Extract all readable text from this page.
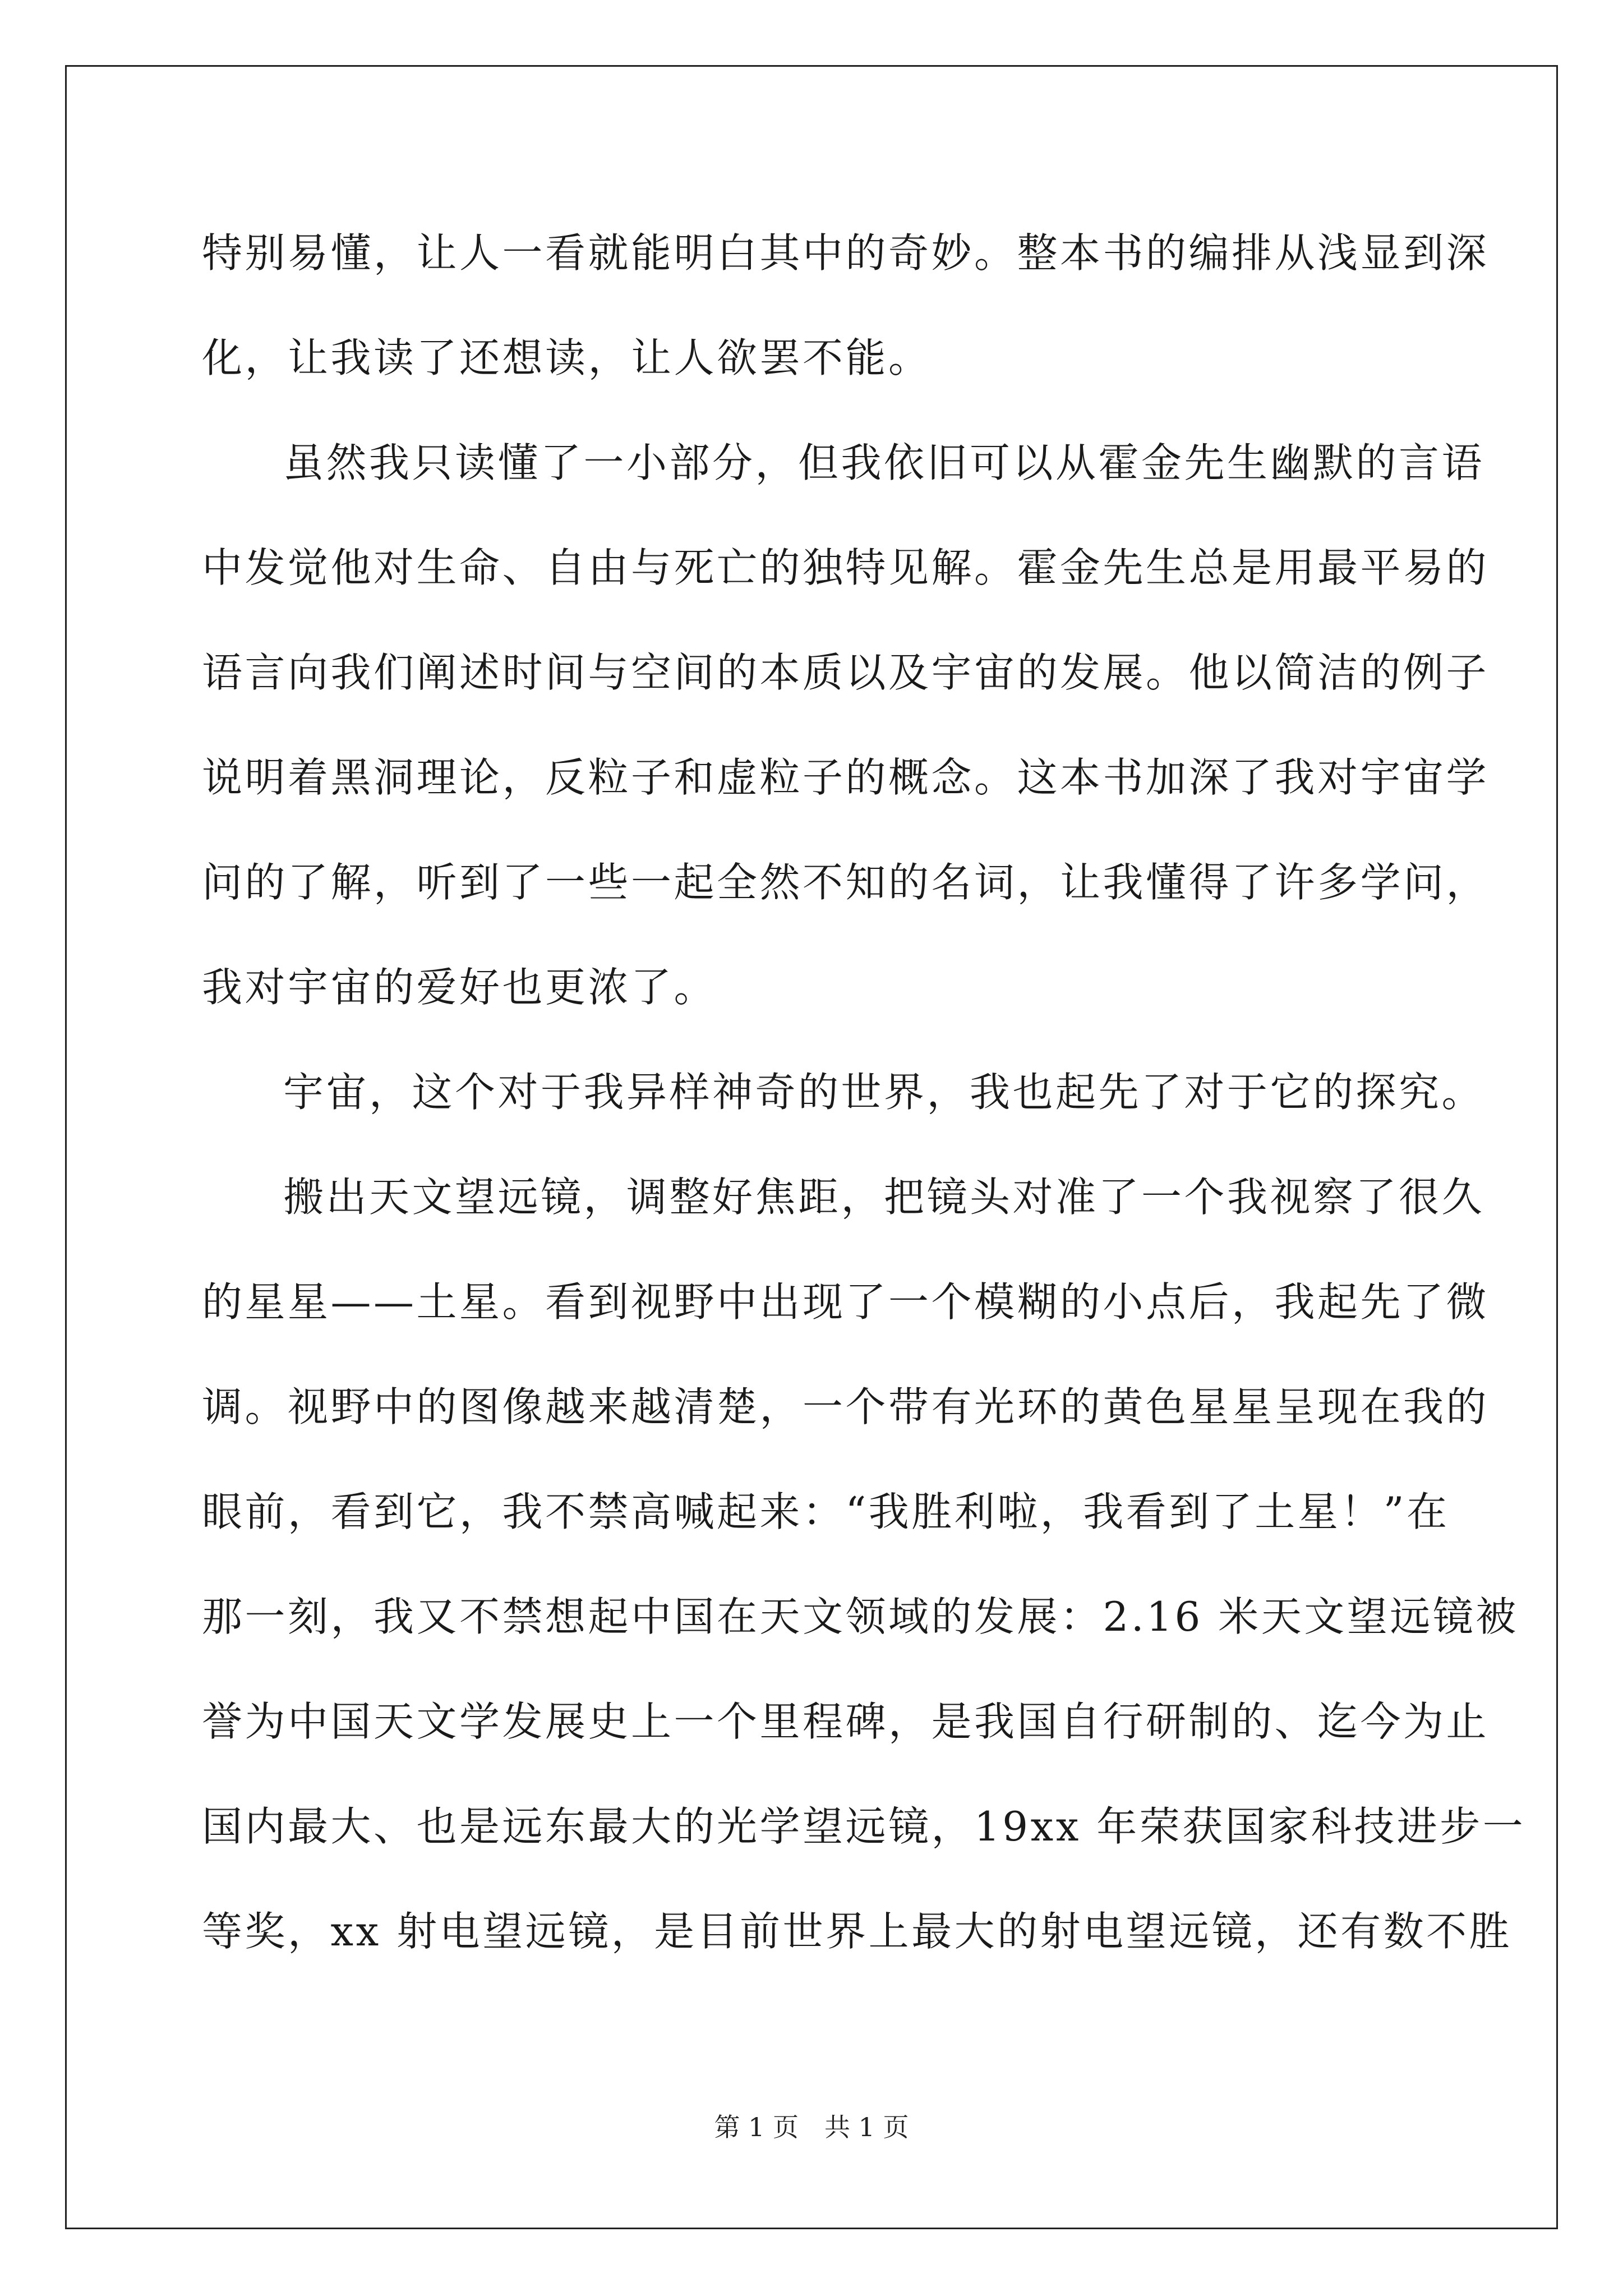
特别易懂，让人一看就能明白其中的奇妙。整本书的编排从浅显到深
化，让我读了还想读，让人欲罢不能。
虽然我只读懂了一小部分，但我依旧可以从霍金先生幽默的言语
中发觉他对生命、自由与死亡的独特见解。霍金先生总是用最平易的
语言向我们阐述时间与空间的本质以及宇宙的发展。他以简洁的例子
说明着黑洞理论，反粒子和虚粒子的概念。这本书加深了我对宇宙学
问的了解，听到了一些一起全然不知的名词，让我懂得了许多学问，
我对宇宙的爱好也更浓了。
宇宙，这个对于我异样神奇的世界，我也起先了对于它的探究。
搬出天文望远镜，调整好焦距，把镜头对准了一个我视察了很久
的星星——土星。看到视野中出现了一个模糊的小点后，我起先了微
调。视野中的图像越来越清楚，一个带有光环的黄色星星呈现在我的
眼前，看到它，我不禁高喊起来：“我胜利啦，我看到了土星！”在
那一刻，我又不禁想起中国在天文领域的发展：2.16 米天文望远镜被
誉为中国天文学发展史上一个里程碑，是我国自行研制的、迄今为止
国内最大、也是远东最大的光学望远镜，19xx 年荣获国家科技进步一
等奖，xx 射电望远镜，是目前世界上最大的射电望远镜，还有数不胜
第 1 页　共 1 页
